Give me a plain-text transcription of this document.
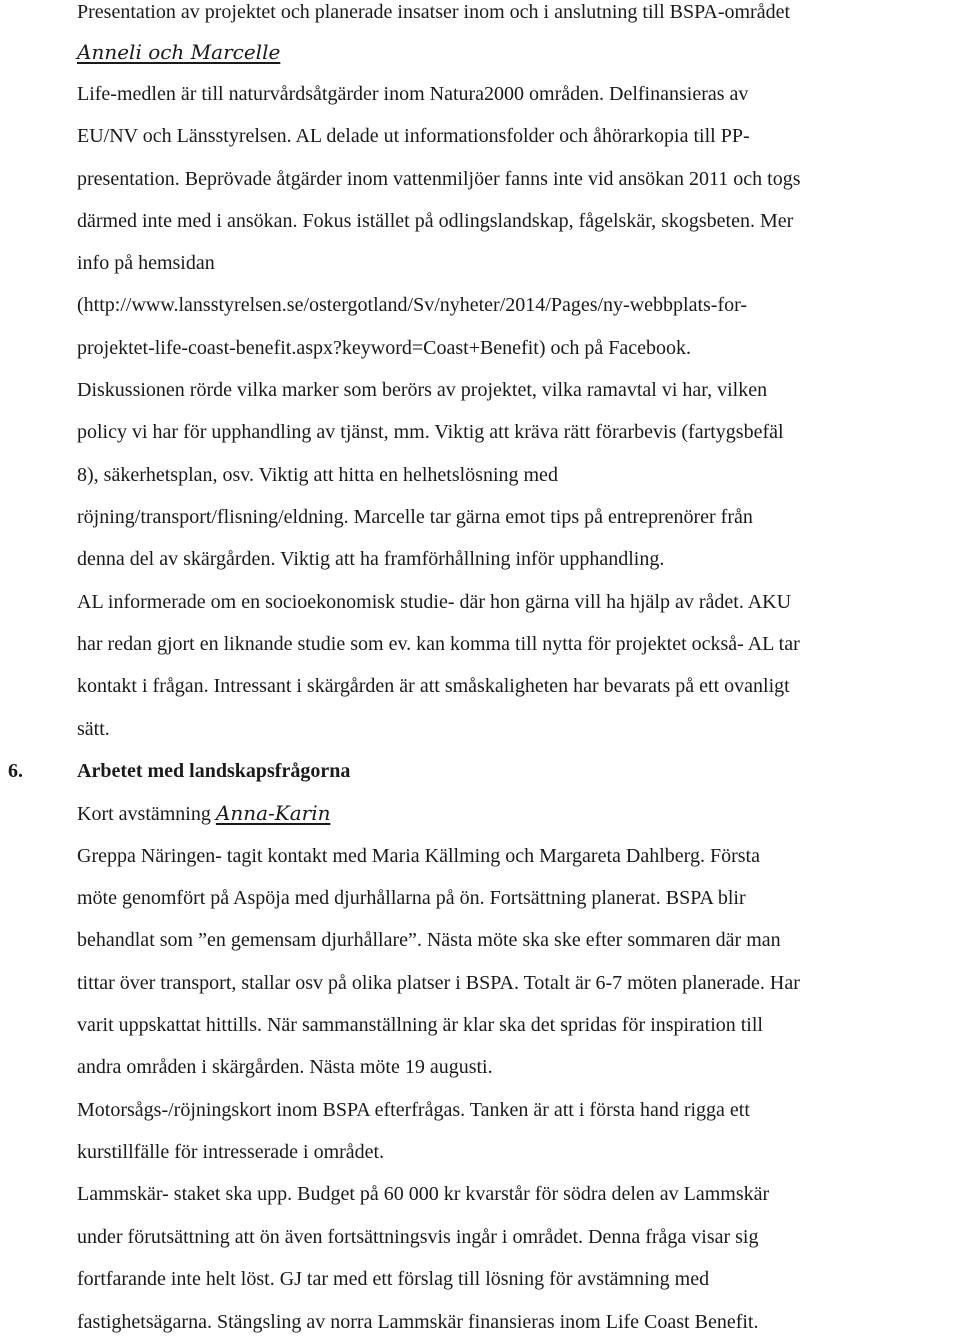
Presentation av projektet och planerade insatser inom och i anslutning till BSPA-området
Anneli och Marcelle
Life-medlen är till naturvårdsåtgärder inom Natura2000 områden. Delfinansieras av
EU/NV och Länsstyrelsen. AL delade ut informationsfolder och åhörarkopia till PP-
presentation. Beprövade åtgärder inom vattenmiljöer fanns inte vid ansökan 2011 och togs
därmed inte med i ansökan. Fokus istället på odlingslandskap, fågelskär, skogsbeten. Mer
info på hemsidan
(http://www.lansstyrelsen.se/ostergotland/Sv/nyheter/2014/Pages/ny-webbplats-for-
projektet-life-coast-benefit.aspx?keyword=Coast+Benefit) och på Facebook.
Diskussionen rörde vilka marker som berörs av projektet, vilka ramavtal vi har, vilken
policy vi har för upphandling av tjänst, mm. Viktig att kräva rätt förarbevis (fartygsbefäl
8), säkerhetsplan, osv. Viktig att hitta en helhetslösning med
röjning/transport/flisning/eldning. Marcelle tar gärna emot tips på entreprenörer från
denna del av skärgården. Viktig att ha framförhållning inför upphandling.
AL informerade om en socioekonomisk studie- där hon gärna vill ha hjälp av rådet. AKU
har redan gjort en liknande studie som ev. kan komma till nytta för projektet också- AL tar
kontakt i frågan. Intressant i skärgården är att småskaligheten har bevarats på ett ovanligt
sätt.
6.	Arbetet med landskapsfrågorna
Kort avstämning Anna-Karin
Greppa Näringen- tagit kontakt med Maria Källming och Margareta Dahlberg. Första
möte genomfört på Aspöja med djurhållarna på ön. Fortsättning planerat. BSPA blir
behandlat som ”en gemensam djurhållare”. Nästa möte ska ske efter sommaren där man
tittar över transport, stallar osv på olika platser i BSPA. Totalt är 6-7 möten planerade. Har
varit uppskattat hittills. När sammanställning är klar ska det spridas för inspiration till
andra områden i skärgården. Nästa möte 19 augusti.
Motorsågs-/röjningskort inom BSPA efterfrågas. Tanken är att i första hand rigga ett
kurstillfälle för intresserade i området.
Lammskär- staket ska upp. Budget på 60 000 kr kvarstår för södra delen av Lammskär
under förutsättning att ön även fortsättningsvis ingår i området. Denna fråga visar sig
fortfarande inte helt löst. GJ tar med ett förslag till lösning för avstämning med
fastighetsägarna. Stängsling av norra Lammskär finansieras inom Life Coast Benefit.
